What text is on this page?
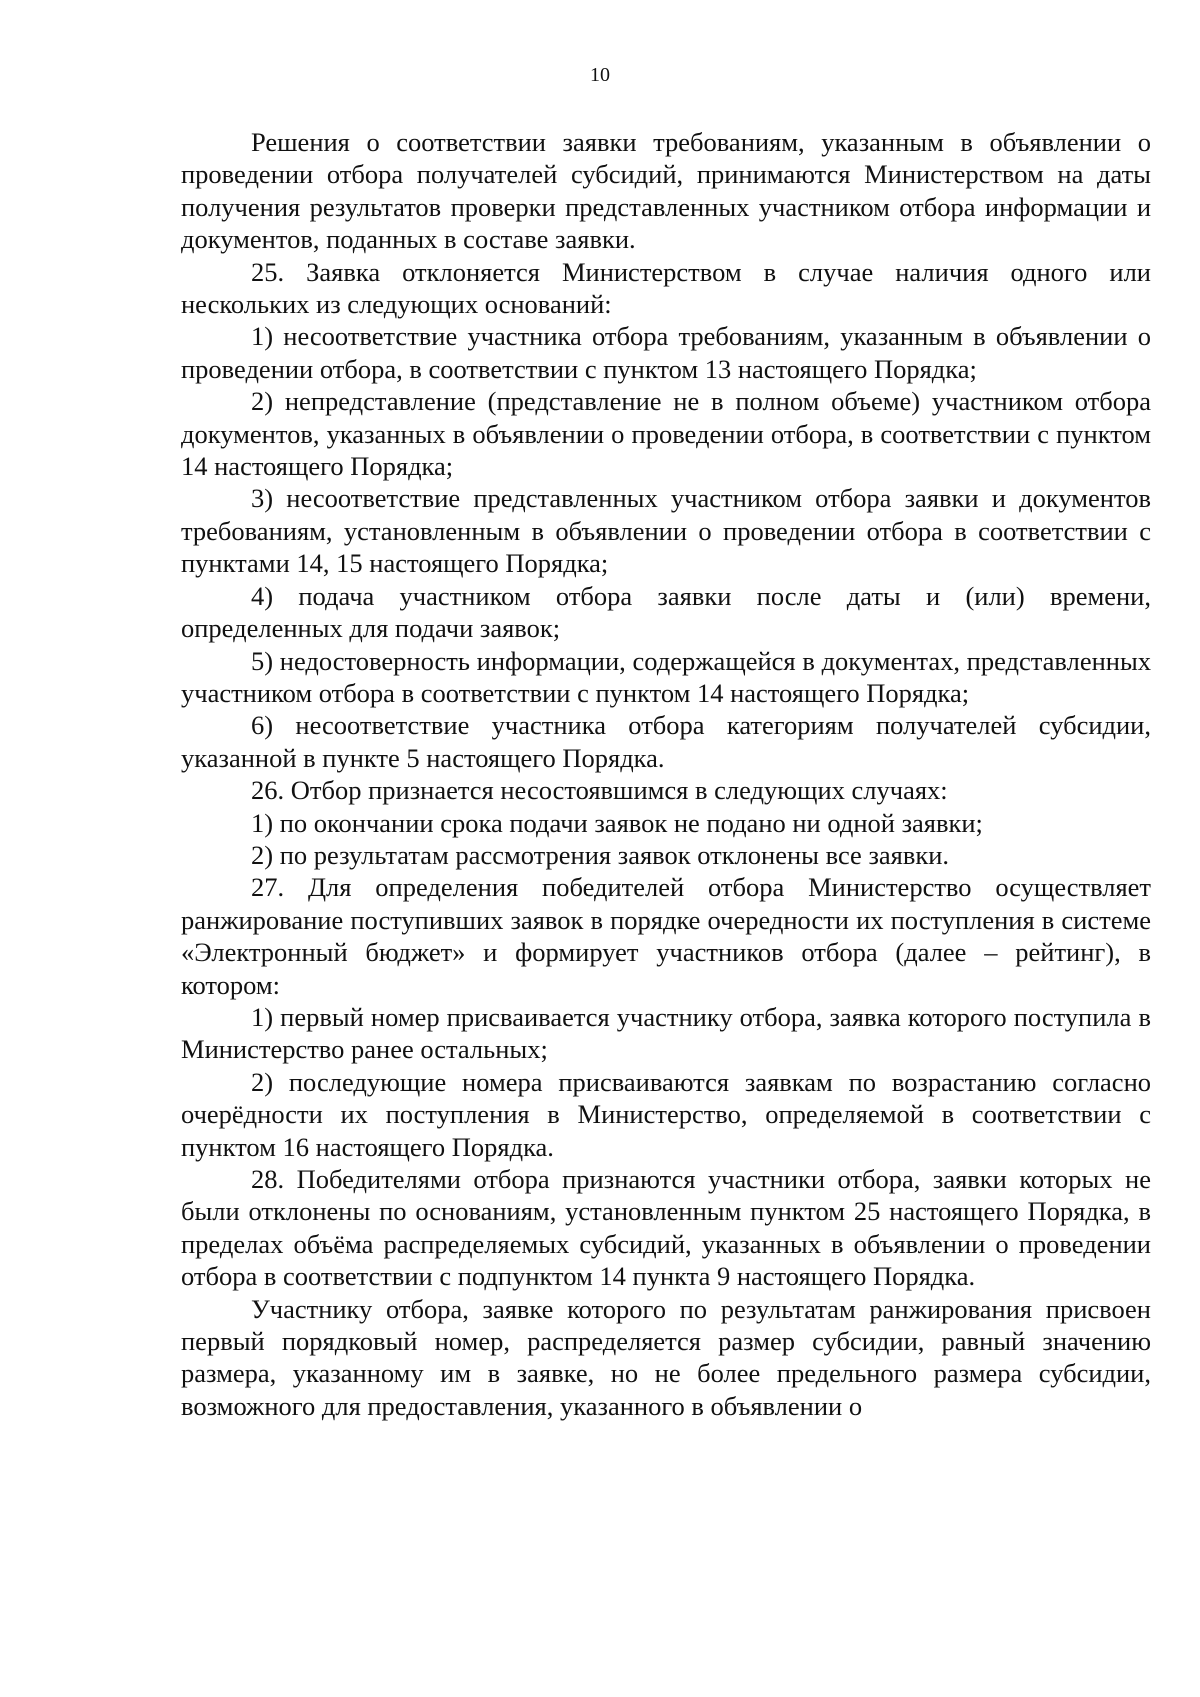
10

Решения о соответствии заявки требованиям, указанным в объявлении о проведении отбора получателей субсидий, принимаются Министерством на даты получения результатов проверки представленных участником отбора информации и документов, поданных в составе заявки.

25. Заявка отклоняется Министерством в случае наличия одного или нескольких из следующих оснований:

1) несоответствие участника отбора требованиям, указанным в объявлении о проведении отбора, в соответствии с пунктом 13 настоящего Порядка;

2) непредставление (представление не в полном объеме) участником отбора документов, указанных в объявлении о проведении отбора, в соответствии с пунктом 14 настоящего Порядка;

3) несоответствие представленных участником отбора заявки и документов требованиям, установленным в объявлении о проведении отбора в соответствии с пунктами 14, 15 настоящего Порядка;

4) подача участником отбора заявки после даты и (или) времени, определенных для подачи заявок;

5) недостоверность информации, содержащейся в документах, представленных участником отбора в соответствии с пунктом 14 настоящего Порядка;

6) несоответствие участника отбора категориям получателей субсидии, указанной в пункте 5 настоящего Порядка.

26. Отбор признается несостоявшимся в следующих случаях:

1) по окончании срока подачи заявок не подано ни одной заявки;

2) по результатам рассмотрения заявок отклонены все заявки.

27. Для определения победителей отбора Министерство осуществляет ранжирование поступивших заявок в порядке очередности их поступления в системе «Электронный бюджет» и формирует участников отбора (далее – рейтинг), в котором:

1) первый номер присваивается участнику отбора, заявка которого поступила в Министерство ранее остальных;

2) последующие номера присваиваются заявкам по возрастанию согласно очерёдности их поступления в Министерство, определяемой в соответствии с пунктом 16 настоящего Порядка.

28. Победителями отбора признаются участники отбора, заявки которых не были отклонены по основаниям, установленным пунктом 25 настоящего Порядка, в пределах объёма распределяемых субсидий, указанных в объявлении о проведении отбора в соответствии с подпунктом 14 пункта 9 настоящего Порядка.

Участнику отбора, заявке которого по результатам ранжирования присвоен первый порядковый номер, распределяется размер субсидии, равный значению размера, указанному им в заявке, но не более предельного размера субсидии, возможного для предоставления, указанного в объявлении о
